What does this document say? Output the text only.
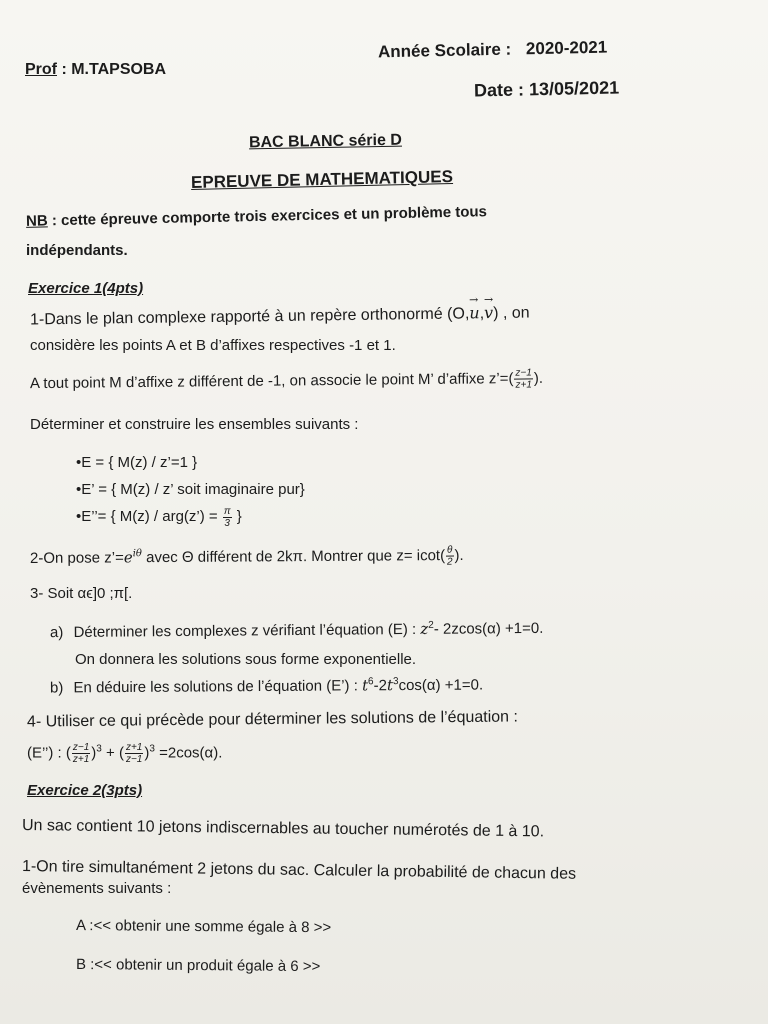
Prof : M.TAPSOBA
Année Scolaire : 2020-2021
Date : 13/05/2021
BAC BLANC série D
EPREUVE DE MATHEMATIQUES
NB : cette épreuve comporte trois exercices et un problème tous
indépendants.
Exercice 1(4pts)
1-Dans le plan complexe rapporté à un repère orthonormé (O,
→
u,
→
v) , on
considère les points A et B d’affixes respectives -1 et 1.
A tout point M d’affixe z différent de -1, on associe le point M’ d’affixe z’=( $\frac{z-1}{z+1}$ ).
Déterminer et construire les ensembles suivants :
•E = { M(z) / z’=1 }
•E’ = { M(z) / z’ soit imaginaire pur}
•E’’= { M(z) / arg(z’) = $\frac{\pi}{3}$ }
2-On pose $z’=e^{i\theta}$ avec Θ différent de 2kπ. Montrer que $z= icot( \frac{\theta}{2}$ ).
3- Soit αϵ]0 ;π[.
a) Déterminer les complexes z vérifiant l’équation (E) : $z^2-$ 2zcos(α) +1=0.
On donnera les solutions sous forme exponentielle.
b) En déduire les solutions de l’équation (E’) : $t^6-2t^3\cos(\alpha) +1=0$.
4- Utiliser ce qui précède pour déterminer les solutions de l’équation :
(E’’) : ( $\frac{z-1}{z+1} )^3$ + ( $\frac{z+1}{z-1} )^3 =2\cos(\alpha)$.
Exercice 2(3pts)
Un sac contient 10 jetons indiscernables au toucher numérotés de 1 à 10.
1-On tire simultanément 2 jetons du sac. Calculer la probabilité de chacun des
évènements suivants :
A :<< obtenir une somme égale à 8 >>
B :<< obtenir un produit égale à 6 >>
